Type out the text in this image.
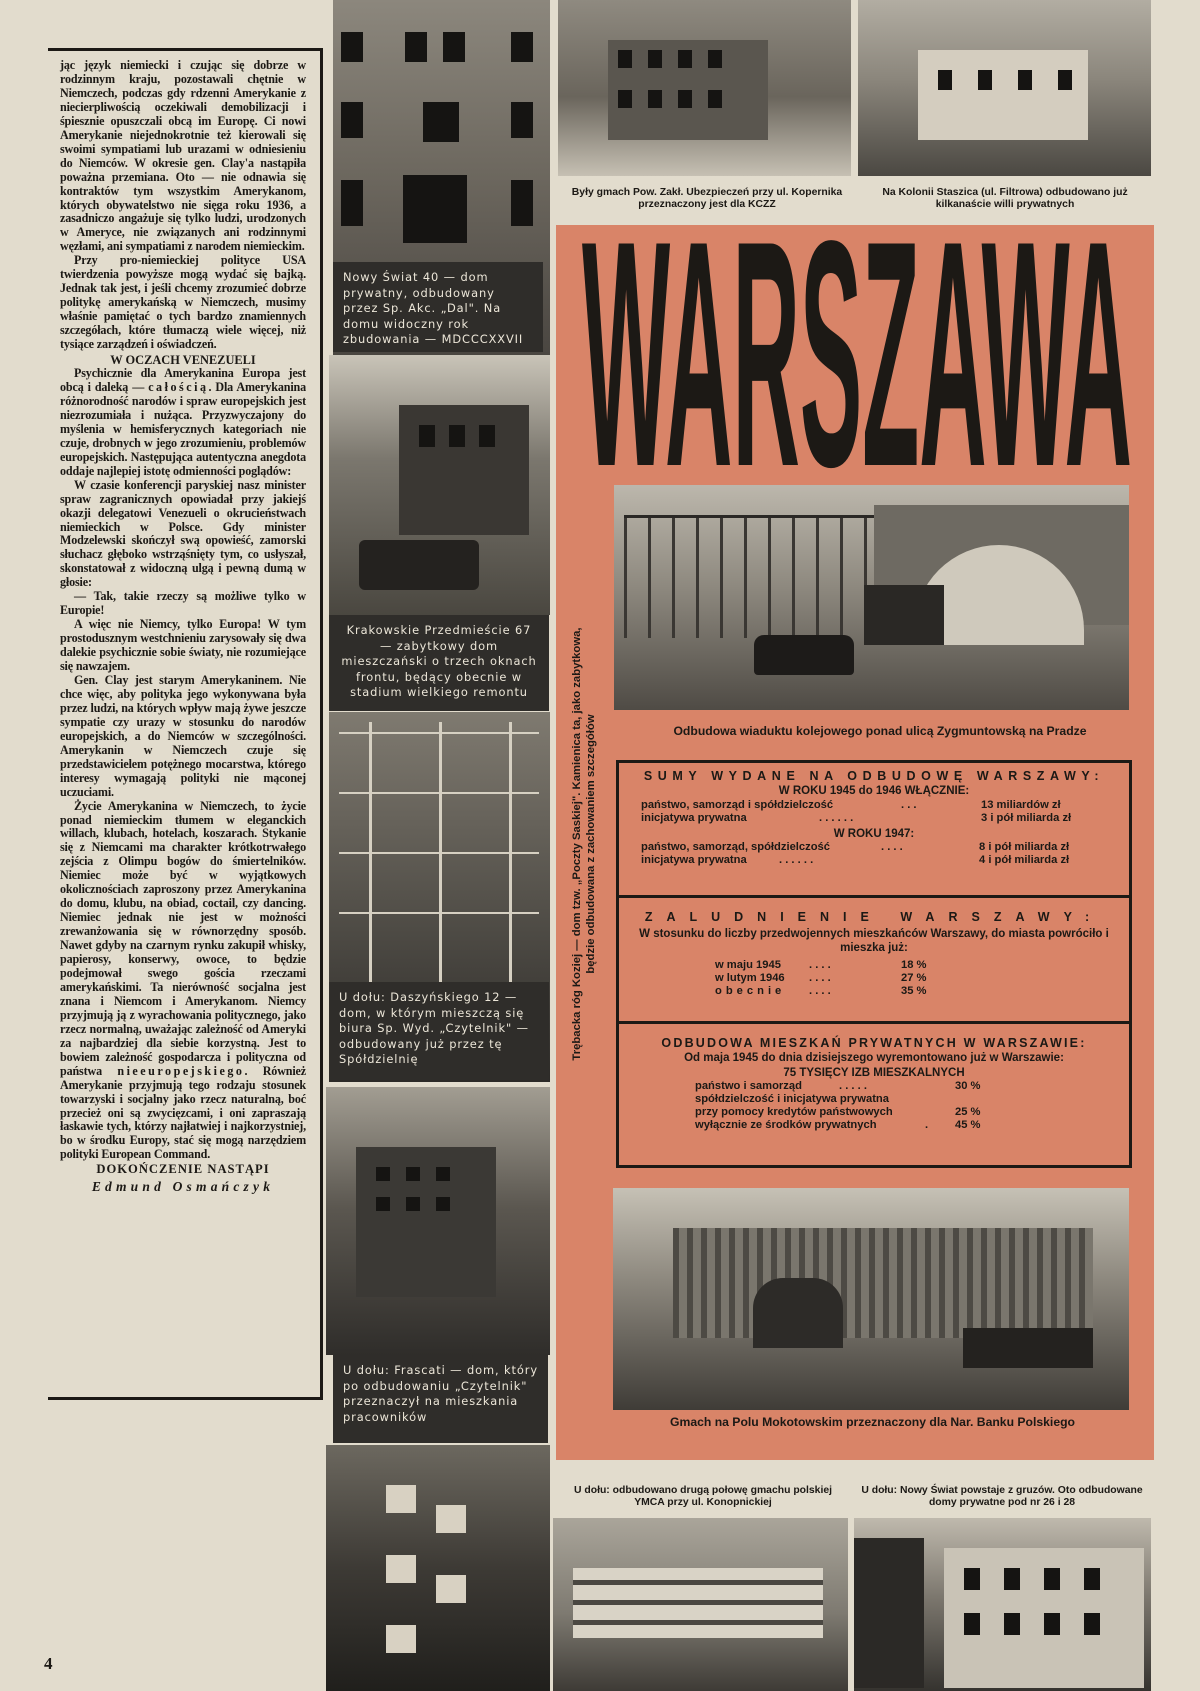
jąc język niemiecki i czując się dobrze w rodzinnym kraju, pozostawali chętnie w Niemczech, podczas gdy rdzenni Amerykanie z niecierpliwością oczekiwali demobilizacji i śpiesznie opuszczali obcą im Europę. Ci nowi Amerykanie niejednokrotnie też kierowali się swoimi sympatiami lub urazami w odniesieniu do Niemców. W okresie gen. Clay'a nastąpiła poważna przemiana. Oto — nie odnawia się kontraktów tym wszystkim Amerykanom, których obywatelstwo nie sięga roku 1936, a zasadniczo angażuje się tylko ludzi, urodzonych w Ameryce, nie związanych ani rodzinnymi węzłami, ani sympatiami z narodem niemieckim.

Przy pro-niemieckiej polityce USA twierdzenia powyższe mogą wydać się bajką. Jednak tak jest, i jeśli chcemy zrozumieć dobrze politykę amerykańską w Niemczech, musimy właśnie pamiętać o tych bardzo znamiennych szczegółach, które tłumaczą wiele więcej, niż tysiące zarządzeń i oświadczeń.

W OCZACH VENEZUELI

Psychicznie dla Amerykanina Europa jest obcą i daleką — całością. Dla Amerykanina różnorodność narodów i spraw europejskich jest niezrozumiała i nużąca. Przyzwyczajony do myślenia w hemisferycznych kategoriach nie czuje, drobnych w jego zrozumieniu, problemów europejskich. Następująca autentyczna anegdota oddaje najlepiej istotę odmienności poglądów:

W czasie konferencji paryskiej nasz minister spraw zagranicznych opowiadał przy jakiejś okazji delegatowi Venezueli o okrucieństwach niemieckich w Polsce. Gdy minister Modzelewski skończył swą opowieść, zamorski słuchacz głęboko wstrząśnięty tym, co usłyszał, skonstatował z widoczną ulgą i pewną dumą w głosie:

— Tak, takie rzeczy są możliwe tylko w Europie!

A więc nie Niemcy, tylko Europa! W tym prostodusznym westchnieniu zarysowały się dwa dalekie psychicznie sobie światy, nie rozumiejące się nawzajem.

Gen. Clay jest starym Amerykaninem. Nie chce więc, aby polityka jego wykonywana była przez ludzi, na których wpływ mają żywe jeszcze sympatie czy urazy w stosunku do narodów europejskich, a do Niemców w szczególności. Amerykanin w Niemczech czuje się przedstawicielem potężnego mocarstwa, którego interesy wymagają polityki nie mąconej uczuciami.

Życie Amerykanina w Niemczech, to życie ponad niemieckim tłumem w eleganckich willach, klubach, hotelach, koszarach. Stykanie się z Niemcami ma charakter krótkotrwałego zejścia z Olimpu bogów do śmiertelników. Niemiec może być w wyjątkowych okolicznościach zaproszony przez Amerykanina do domu, klubu, na obiad, coctail, czy dancing. Niemiec jednak nie jest w możności zrewanżowania się w równorzędny sposób. Nawet gdyby na czarnym rynku zakupił whisky, papierosy, konserwy, owoce, to będzie podejmował swego gościa rzeczami amerykańskimi. Ta nierówność socjalna jest znana i Niemcom i Amerykanom. Niemcy przyjmują ją z wyrachowania politycznego, jako rzecz normalną, uważając zależność od Ameryki za najbardziej dla siebie korzystną. Jest to bowiem zależność gospodarcza i polityczna od państwa nieeuropejskiego. Również Amerykanie przyjmują tego rodzaju stosunek towarzyski i socjalny jako rzecz naturalną, boć przecież oni są zwycięzcami, i oni zapraszają łaskawie tych, którzy najłatwiej i najkorzystniej, bo w środku Europy, stać się mogą narzędziem polityki European Command.

DOKOŃCZENIE NASTĄPI
Edmund Osmańczyk
4
Nowy Świat 40 — dom prywatny, odbudowany przez Sp. Akc. „Dal". Na domu widoczny rok zbudowania — MDCCCXXVII
Krakowskie Przedmieście 67 — zabytkowy dom mieszczański o trzech oknach frontu, będący obecnie w stadium wielkiego remontu
U dołu: Daszyńskiego 12 — dom, w którym mieszczą się biura Sp. Wyd. „Czytelnik" — odbudowany już przez tę Spółdzielnię
U dołu: Frascati — dom, który po odbudowaniu „Czytelnik" przeznaczył na mieszkania pracowników
Były gmach Pow. Zakł. Ubezpieczeń przy ul. Kopernika przeznaczony jest dla KCZZ
Na Kolonii Staszica (ul. Filtrowa) odbudowano już kilkanaście willi prywatnych
WARSZAWA
Odbudowa wiaduktu kolejowego ponad ulicą Zygmuntowską na Pradze
Trębacka róg Koziej — dom tzw. „Poczty Saskiej". Kamienica ta, jako zabytkowa, będzie odbudowana z zachowaniem szczegółów	SUMY WYDANE NA ODBUDOWĘ WARSZAWY:
W ROKU 1945 do 1946 WŁĄCZNIE:
państwo, samorząd i spółdzielczość	. . .	13 miliardów zł
inicjatywa prywatna	. . . . . .	3 i pół miliarda zł
W ROKU 1947:
państwo, samorząd, spółdzielczość	. . . .	8 i pół miliarda zł
inicjatywa prywatna	. . . . . .	4 i pół miliarda zł
ZALUDNIENIE WARSZAWY:
W stosunku do liczby przedwojennych mieszkańców Warszawy, do miasta powróciło i mieszka już:
w maju 1945	. . . .	18 %
w lutym 1946 . . . .	27 %
obecnie . . . .	35 %
ODBUDOWA MIESZKAŃ PRYWATNYCH W WARSZAWIE:
Od maja 1945 do dnia dzisiejszego wyremontowano już w Warszawie:
75 TYSIĘCY IZB MIESZKALNYCH
państwo i samorząd	. . . . .	30 %
spółdzielczość i inicjatywa prywatna
przy pomocy kredytów państwowych	25 %
wyłącznie ze środków prywatnych	. 45 %
Gmach na Polu Mokotowskim przeznaczony dla Nar. Banku Polskiego
U dołu: odbudowano drugą połowę gmachu polskiej YMCA przy ul. Konopnickiej
U dołu: Nowy Świat powstaje z gruzów. Oto odbudowane domy prywatne pod nr 26 i 28
